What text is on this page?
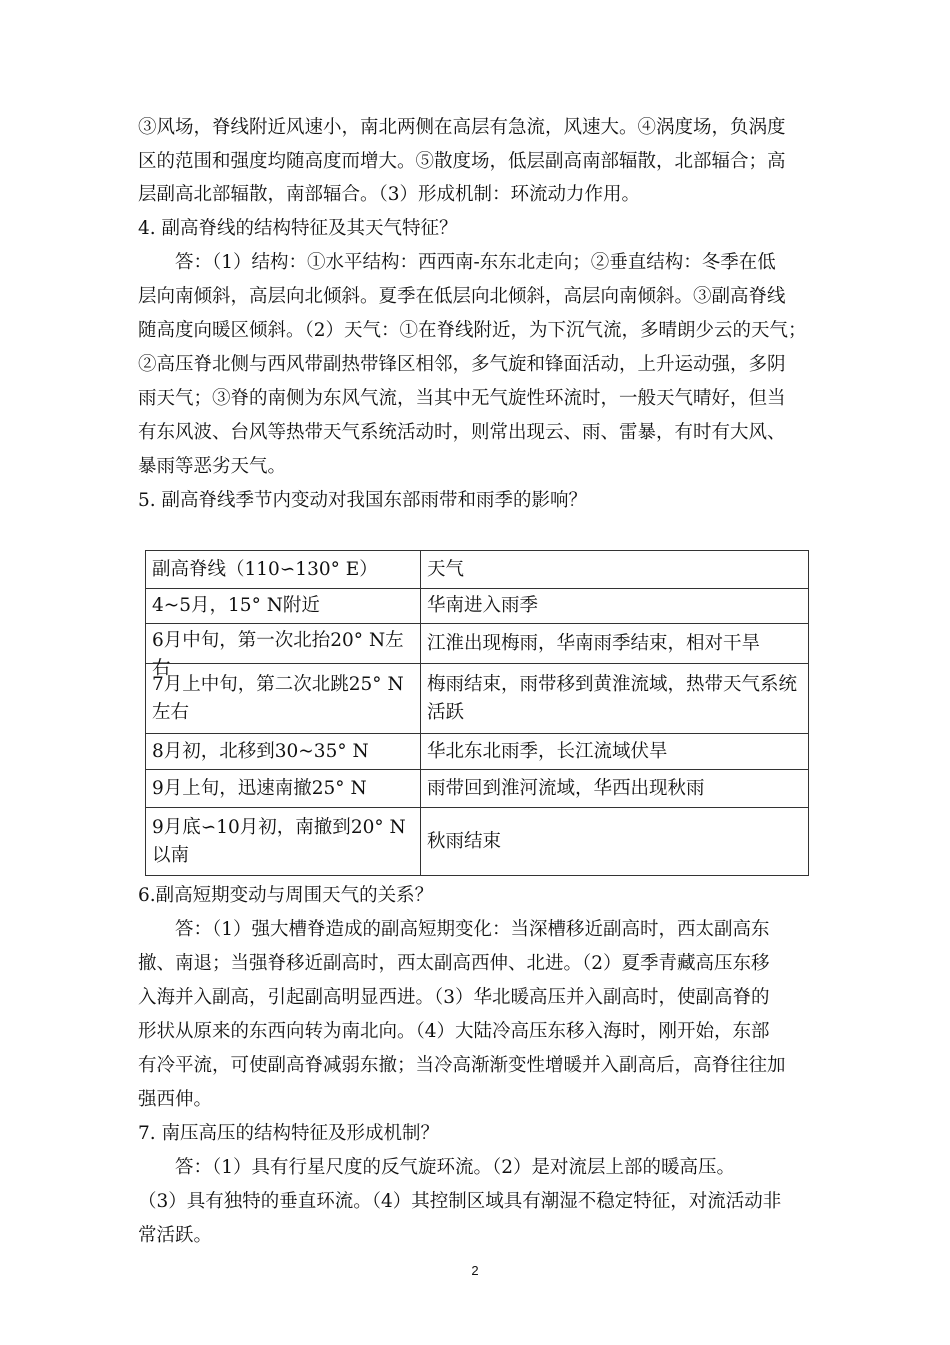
③风场，脊线附近风速小，南北两侧在高层有急流，风速大。④涡度场，负涡度
区的范围和强度均随高度而增大。⑤散度场，低层副高南部辐散，北部辐合；高
层副高北部辐散，南部辐合。（3）形成机制：环流动力作用。
4. 副高脊线的结构特征及其天气特征？
　　答：（1）结构：①水平结构：西西南-东东北走向；②垂直结构：冬季在低
层向南倾斜，高层向北倾斜。夏季在低层向北倾斜，高层向南倾斜。③副高脊线
随高度向暖区倾斜。（2）天气：①在脊线附近，为下沉气流，多晴朗少云的天气；
②高压脊北侧与西风带副热带锋区相邻，多气旋和锋面活动，上升运动强，多阴
雨天气；③脊的南侧为东风气流，当其中无气旋性环流时，一般天气晴好，但当
有东风波、台风等热带天气系统活动时，则常出现云、雨、雷暴，有时有大风、
暴雨等恶劣天气。
5. 副高脊线季节内变动对我国东部雨带和雨季的影响？
副高脊线（110∽130° E）	天气
4~5月，15° N附近	华南进入雨季

6月中旬，第一次北抬20° N左右	江淮出现梅雨，华南雨季结束，相对干旱
7月上中旬，第二次北跳25° N左右	梅雨结束，雨带移到黄淮流域，热带天气系统活跃
8月初，北移到30~35° N	华北东北雨季，长江流域伏旱
9月上旬，迅速南撤25° N	雨带回到淮河流域，华西出现秋雨
9月底∽10月初，南撤到20° N以南	秋雨结束
6.副高短期变动与周围天气的关系？
　　答：（1）强大槽脊造成的副高短期变化：当深槽移近副高时，西太副高东
撤、南退；当强脊移近副高时，西太副高西伸、北进。（2）夏季青藏高压东移
入海并入副高，引起副高明显西进。（3）华北暖高压并入副高时，使副高脊的
形状从原来的东西向转为南北向。（4）大陆冷高压东移入海时，刚开始，东部
有冷平流，可使副高脊减弱东撤；当冷高渐渐变性增暖并入副高后，高脊往往加
强西伸。
7. 南压高压的结构特征及形成机制？
　　答：（1）具有行星尺度的反气旋环流。（2）是对流层上部的暖高压。
（3）具有独特的垂直环流。（4）其控制区域具有潮湿不稳定特征，对流活动非
常活跃。
2
